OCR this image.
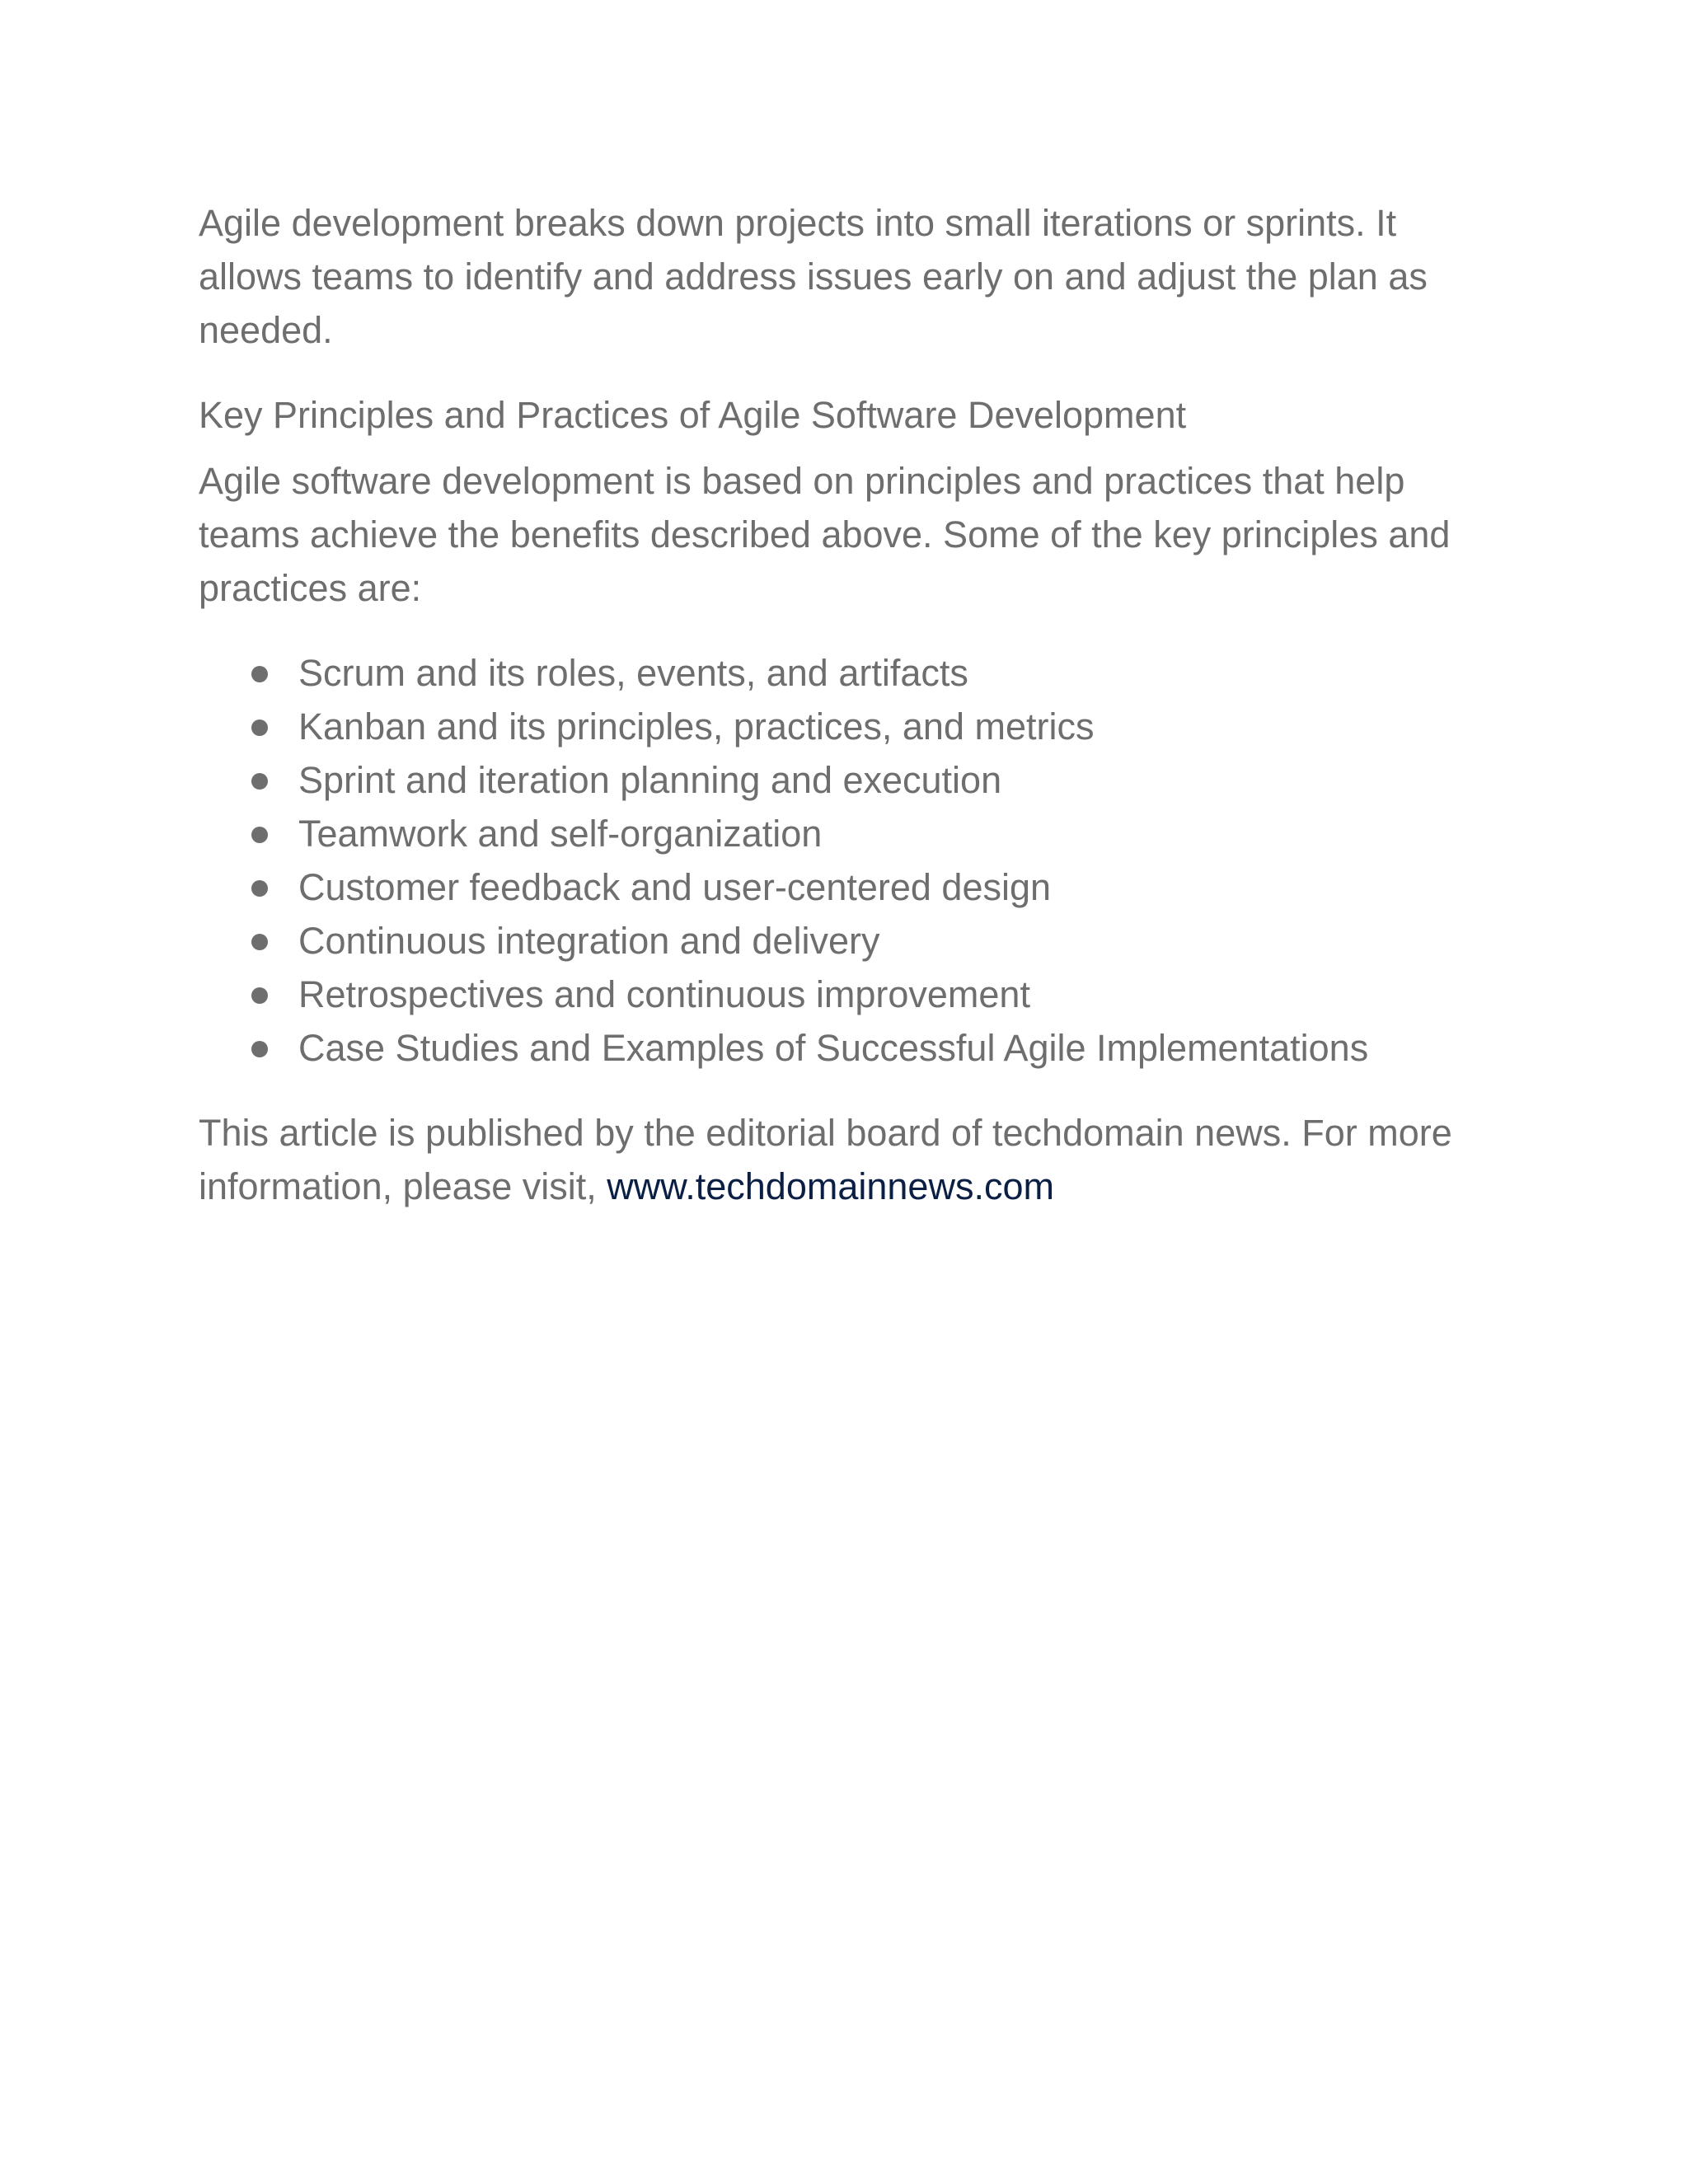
Agile development breaks down projects into small iterations or sprints. It allows teams to identify and address issues early on and adjust the plan as needed.

Key Principles and Practices of Agile Software Development

Agile software development is based on principles and practices that help teams achieve the benefits described above. Some of the key principles and practices are:

Scrum and its roles, events, and artifacts
Kanban and its principles, practices, and metrics
Sprint and iteration planning and execution
Teamwork and self-organization
Customer feedback and user-centered design
Continuous integration and delivery
Retrospectives and continuous improvement
Case Studies and Examples of Successful Agile Implementations

This article is published by the editorial board of techdomain news. For more information, please visit, www.techdomainnews.com
